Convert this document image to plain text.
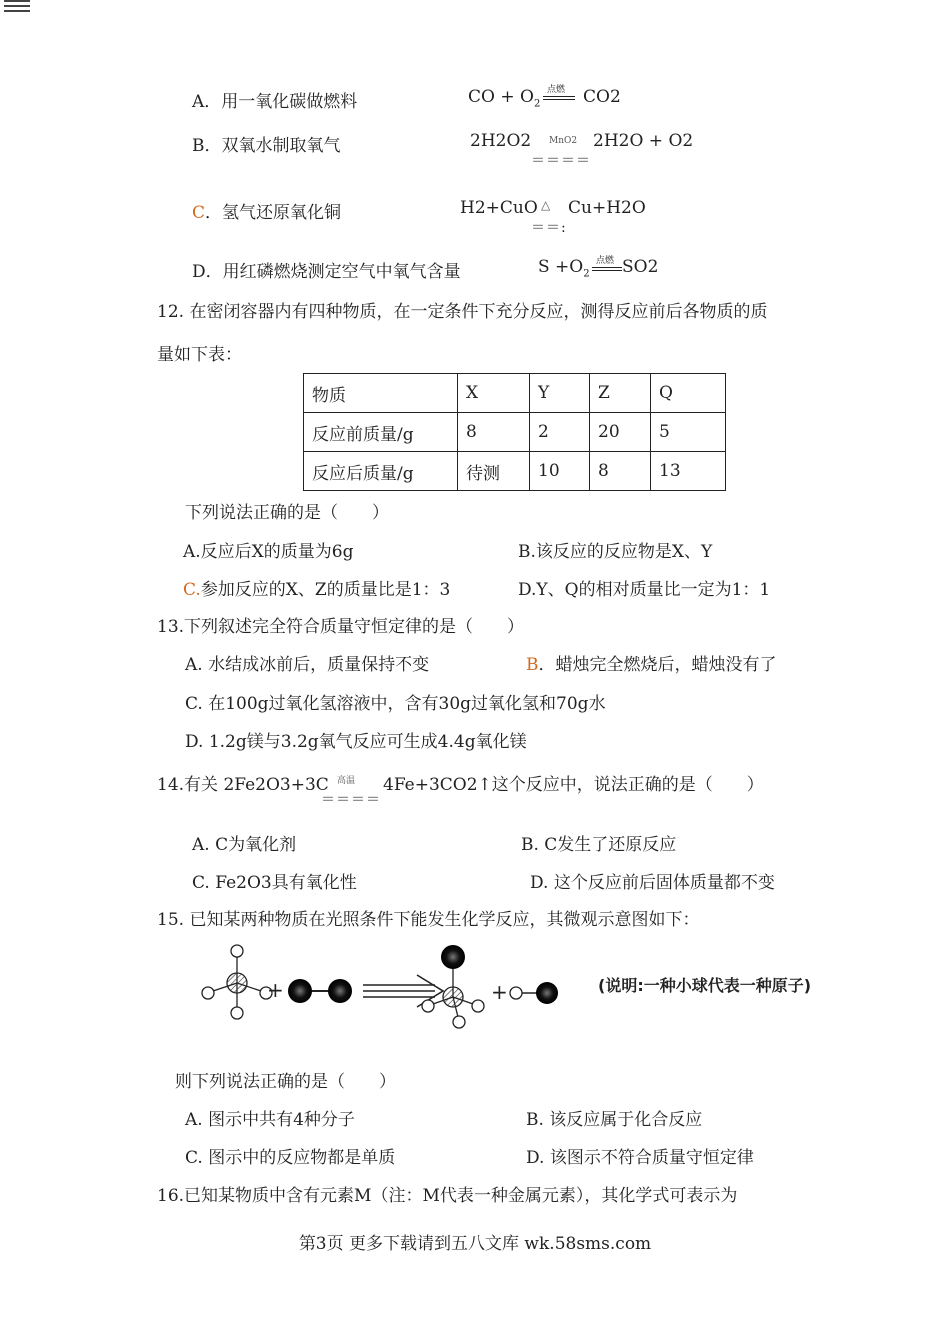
A．用一氧化碳做燃料	CO + $O_2$
点燃 CO2
B．双氧水制取氧气	2H2O2 MnO2
＝＝＝＝
2H2O + O2
C．氢气还原氧化铜	H2+CuO △
＝＝:
Cu+H2O
D．用红磷燃烧测定空气中氧气含量	$S +O_2$
点燃 SO2
12. 在密闭容器内有四种物质，在一定条件下充分反应，测得反应前后各物质的质
量如下表：
物质	X	Y	Z	Q
反应前质量/g	8	2	20	5
反应后质量/g	待测	10	8	13
下列说法正确的是（　　）
A.反应后X的质量为6g	B.该反应的反应物是X、Y
C.参加反应的X、Z的质量比是1：3	D.Y、Q的相对质量比一定为1：1
13.下列叙述完全符合质量守恒定律的是（　　）
A. 水结成冰前后，质量保持不变	B．蜡烛完全燃烧后，蜡烛没有了
C. 在100g过氧化氢溶液中，含有30g过氧化氢和70g水
D. 1.2g镁与3.2g氧气反应可生成4.4g氧化镁
14.有关 2Fe2O3+3C 高温
＝＝＝＝
4Fe+3CO2↑这个反应中，说法正确的是（　　）
A. C为氧化剂	B. C发生了还原反应
C. Fe2O3具有氧化性	D. 这个反应前后固体质量都不变
15. 已知某两种物质在光照条件下能发生化学反应，其微观示意图如下：
+	+	(说明:一种小球代表一种原子)
则下列说法正确的是（　　）
A. 图示中共有4种分子	B. 该反应属于化合反应
C. 图示中的反应物都是单质	D. 该图示不符合质量守恒定律
16.已知某物质中含有元素M（注：M代表一种金属元素），其化学式可表示为
第3页 更多下载请到五八文库 wk.58sms.com
